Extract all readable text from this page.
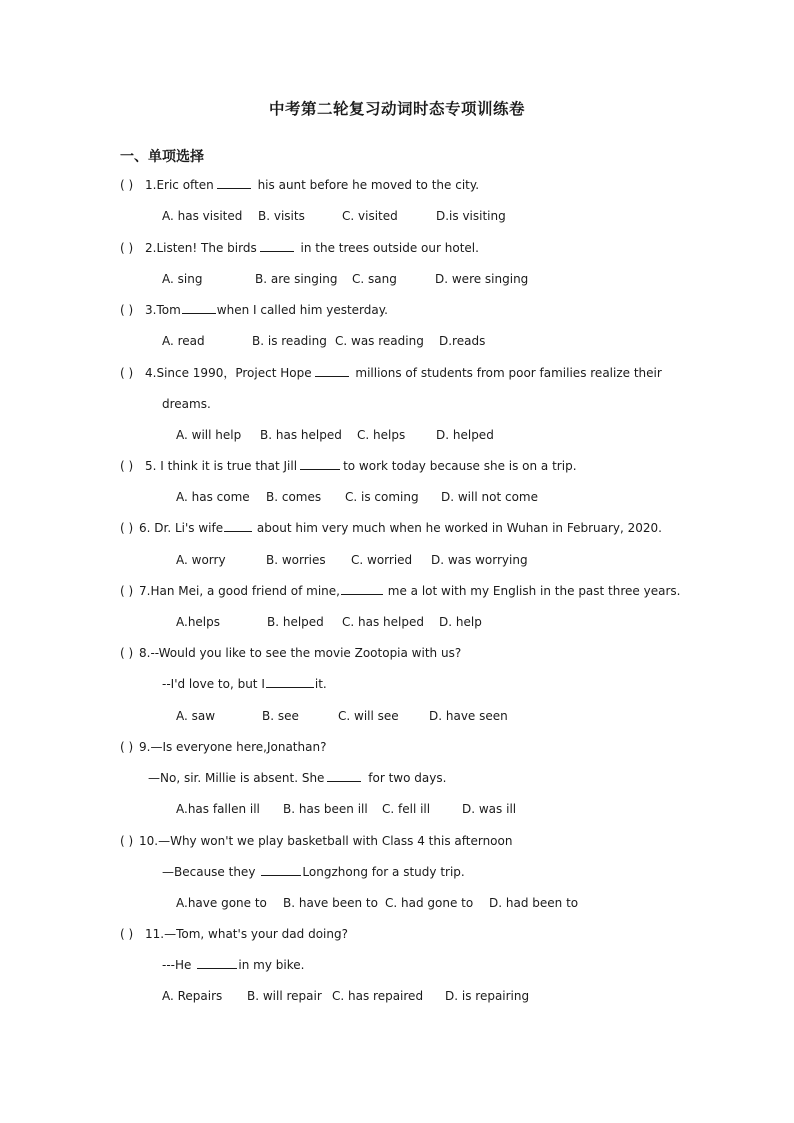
中考第二轮复习动词时态专项训练卷
一、单项选择
( ) 1.Eric often	his aunt before he moved to the city.
A. has visited B. visits	C. visited	D.is visiting
( ) 2.Listen! The birds	in the trees outside our hotel.
A. sing	B. are singing C. sang	D. were singing
( ) 3.Tom	when I called him yesterday.
A. read	B. is reading C. was reading D.reads
( ) 4.Since 1990，Project Hope	millions of students from poor families realize their
dreams.
A. will help B. has helped C. helps	D. helped
( ) 5. I think it is true that Jill	to work today because she is on a trip.
A. has come B. comes C. is coming D. will not come
( ) 6. Dr. Li's wife	about him very much when he worked in Wuhan in February, 2020.
A. worry	B. worries C. worried D. was worrying
( ) 7.Han Mei, a good friend of mine,	me a lot with my English in the past three years.
A.helps	B. helped C. has helped D. help
( ) 8.--Would you like to see the movie Zootopia with us?
--I'd love to, but I	it.
A. saw	B. see	C. will see	D. have seen
( ) 9.—Is everyone here,Jonathan?
—No, sir. Millie is absent. She	for two days.
A.has fallen ill B. has been ill C. fell ill	D. was ill
( ) 10.—Why won't we play basketball with Class 4 this afternoon
—Because they	Longzhong for a study trip.
A.have gone to B. have been to C. had gone to D. had been to
( ) 11.—Tom, what's your dad doing?
---He	in my bike.
A. Repairs B. will repair C. has repaired D. is repairing
